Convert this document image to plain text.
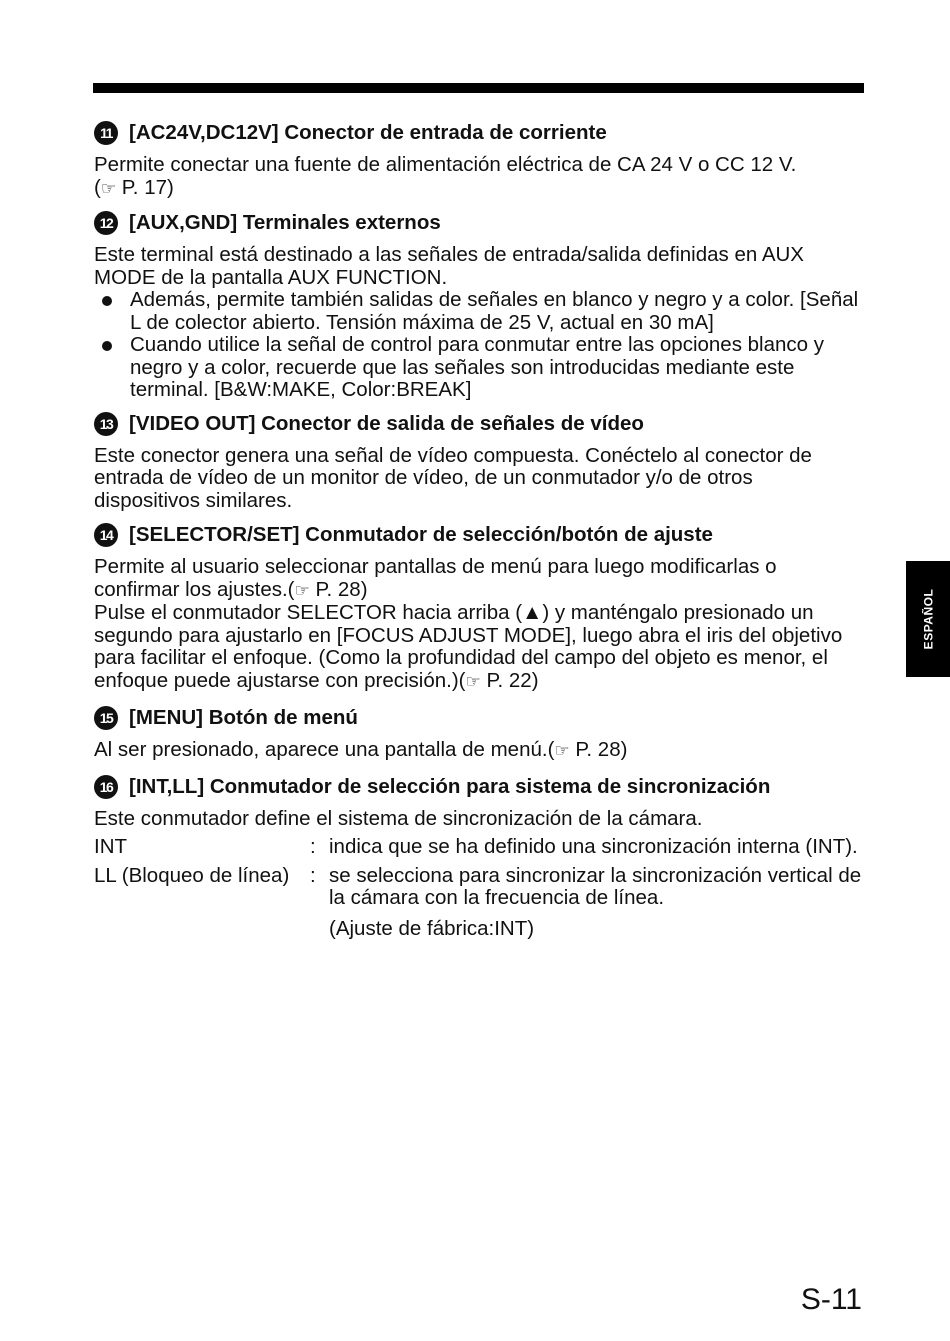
11 [AC24V,DC12V] Conector de entrada de corriente

Permite conectar una fuente de alimentación eléctrica de CA 24 V o CC 12 V.
(☞ P. 17)

12 [AUX,GND] Terminales externos

Este terminal está destinado a las señales de entrada/salida definidas en AUX MODE de la pantalla AUX FUNCTION.

Además, permite también salidas de señales en blanco y negro y a color. [Señal L de colector abierto. Tensión máxima de 25 V, actual en 30 mA]
Cuando utilice la señal de control para conmutar entre las opciones blanco y negro y a color, recuerde que las señales son introducidas mediante este terminal. [B&W:MAKE, Color:BREAK]
13 [VIDEO OUT] Conector de salida de señales de vídeo

Este conector genera una señal de vídeo compuesta. Conéctelo al conector de entrada de vídeo de un monitor de vídeo, de un conmutador y/o de otros dispositivos similares.

14 [SELECTOR/SET] Conmutador de selección/botón de ajuste

Permite al usuario seleccionar pantallas de menú para luego modificarlas o confirmar los ajustes.(☞ P. 28)
Pulse el conmutador SELECTOR hacia arriba (▲) y manténgalo presionado un segundo para ajustarlo en [FOCUS ADJUST MODE], luego abra el iris del objetivo para facilitar el enfoque. (Como la profundidad del campo del objeto es menor, el enfoque puede ajustarse con precisión.)(☞ P. 22)

15 [MENU] Botón de menú

Al ser presionado, aparece una pantalla de menú.(☞ P. 28)

16 [INT,LL] Conmutador de selección para sistema de sincronización

Este conmutador define el sistema de sincronización de la cámara.

INT	: indica que se ha definido una sincronización interna (INT).
LL (Bloqueo de línea)	: se selecciona para sincronizar la sincronización vertical de la cámara con la frecuencia de línea.
(Ajuste de fábrica:INT)
ESPAÑOL
S-11
